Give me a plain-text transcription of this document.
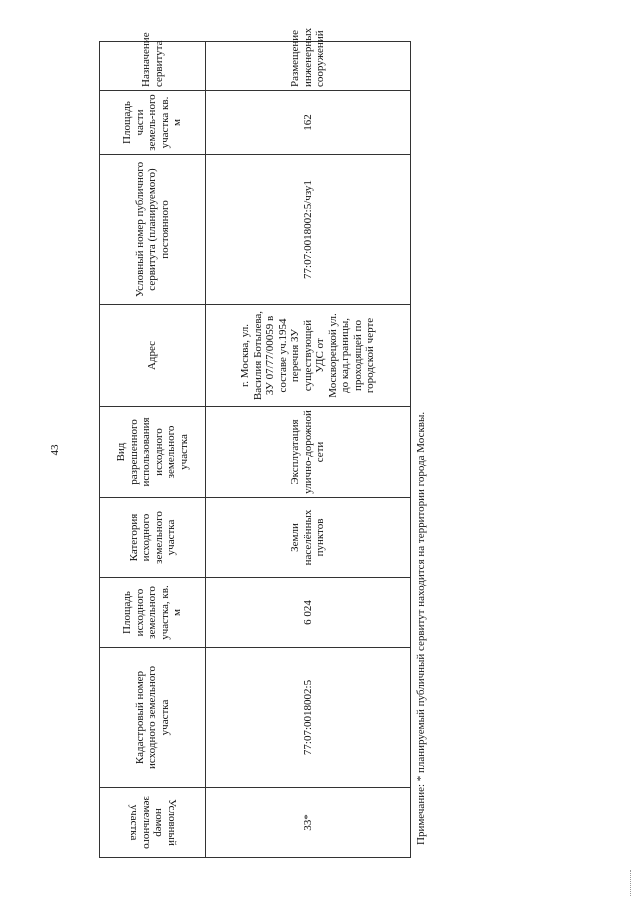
43
Условный номер земельного участка	Кадастровый номер исходного земельного участка	Площадь исходного земельного участка, кв. м	Категория исходного земельного участка	Вид разрешенного использования исходного земельного участка	Адрес	Условный номер публичного сервитута (планируемого) постоянного	Площадь части земель-ного участка кв. м	Назначение сервитута
33*	77:07:0018002:5	6 024	Земли населённых пунктов	Эксплуатация улично-дорожной сети	г. Москва, ул. Василия Ботылева, ЗУ 07/77/00059 в составе уч.1954 перечня ЗУ существующей УДС от Москворецкой ул. до кад.границы, проходящей по городской черте	77:07:0018002:5/чзу1	162	Размещение инженерных сооружений
Примечание: * планируемый публичный сервитут находится на территории города Москвы.
